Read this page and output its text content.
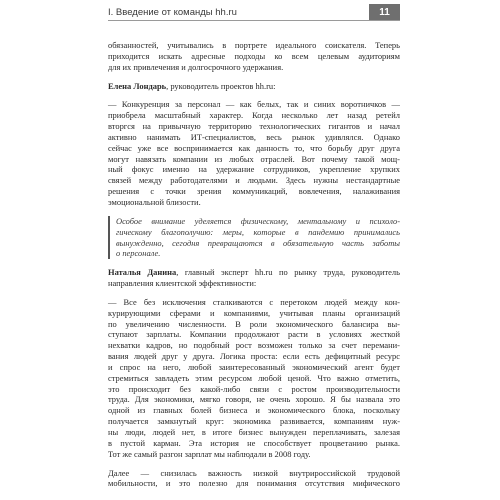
I. Введение от команды hh.ru	11
обязанностей, учитывались в портрете идеального соискателя. Теперь
приходится искать адресные подходы ко всем целевым аудиториям
для их привлечения и долгосрочного удержания.
Елена Лондарь, руководитель проектов hh.ru:
— Конкуренция за персонал — как белых, так и синих воротничков —
приобрела масштабный характер. Когда несколько лет назад ретейл
вторгся на привычную территорию технологических гигантов и начал
активно нанимать ИТ-специалистов, весь рынок удивлялся. Однако
сейчас уже все воспринимается как данность то, что борьбу друг друга
могут навязать компании из любых отраслей. Вот почему такой мощ-
ный фокус именно на удержание сотрудников, укрепление хрупких
связей между работодателями и людьми. Здесь нужны нестандартные
решения с точки зрения коммуникаций, вовлечения, налаживания
эмоциональной близости.
Особое внимание уделяется физическому, ментальному и психоло-
гическому благополучию: меры, которые в пандемию принимались
вынужденно, сегодня превращаются в обязательную часть заботы
о персонале.
Наталья Данина, главный эксперт hh.ru по рынку труда, руководитель
направления клиентской эффективности:
— Все без исключения сталкиваются с перетоком людей между кон-
курирующими сферами и компаниями, учитывая планы организаций
по увеличению численности. В роли экономического балансира вы-
ступают зарплаты. Компании продолжают расти в условиях жесткой
нехватки кадров, но подобный рост возможен только за счет перемани-
вания людей друг у друга. Логика проста: если есть дефицитный ресурс
и спрос на него, любой заинтересованный экономический агент будет
стремиться завладеть этим ресурсом любой ценой. Что важно отметить,
это происходит без какой-либо связи с ростом производительности
труда. Для экономики, мягко говоря, не очень хорошо. Я бы назвала это
одной из главных болей бизнеса и экономического блока, поскольку
получается замкнутый круг: экономика развивается, компаниям нуж-
ны люди, людей нет, в итоге бизнес вынужден переплачивать, залезая
в пустой карман. Эта история не способствует процветанию рынка.
Тот же самый разгон зарплат мы наблюдали в 2008 году.
Далее — снизилась важность низкой внутрироссийской трудовой
мобильности, и это полезно для понимания отсутствия мифического
